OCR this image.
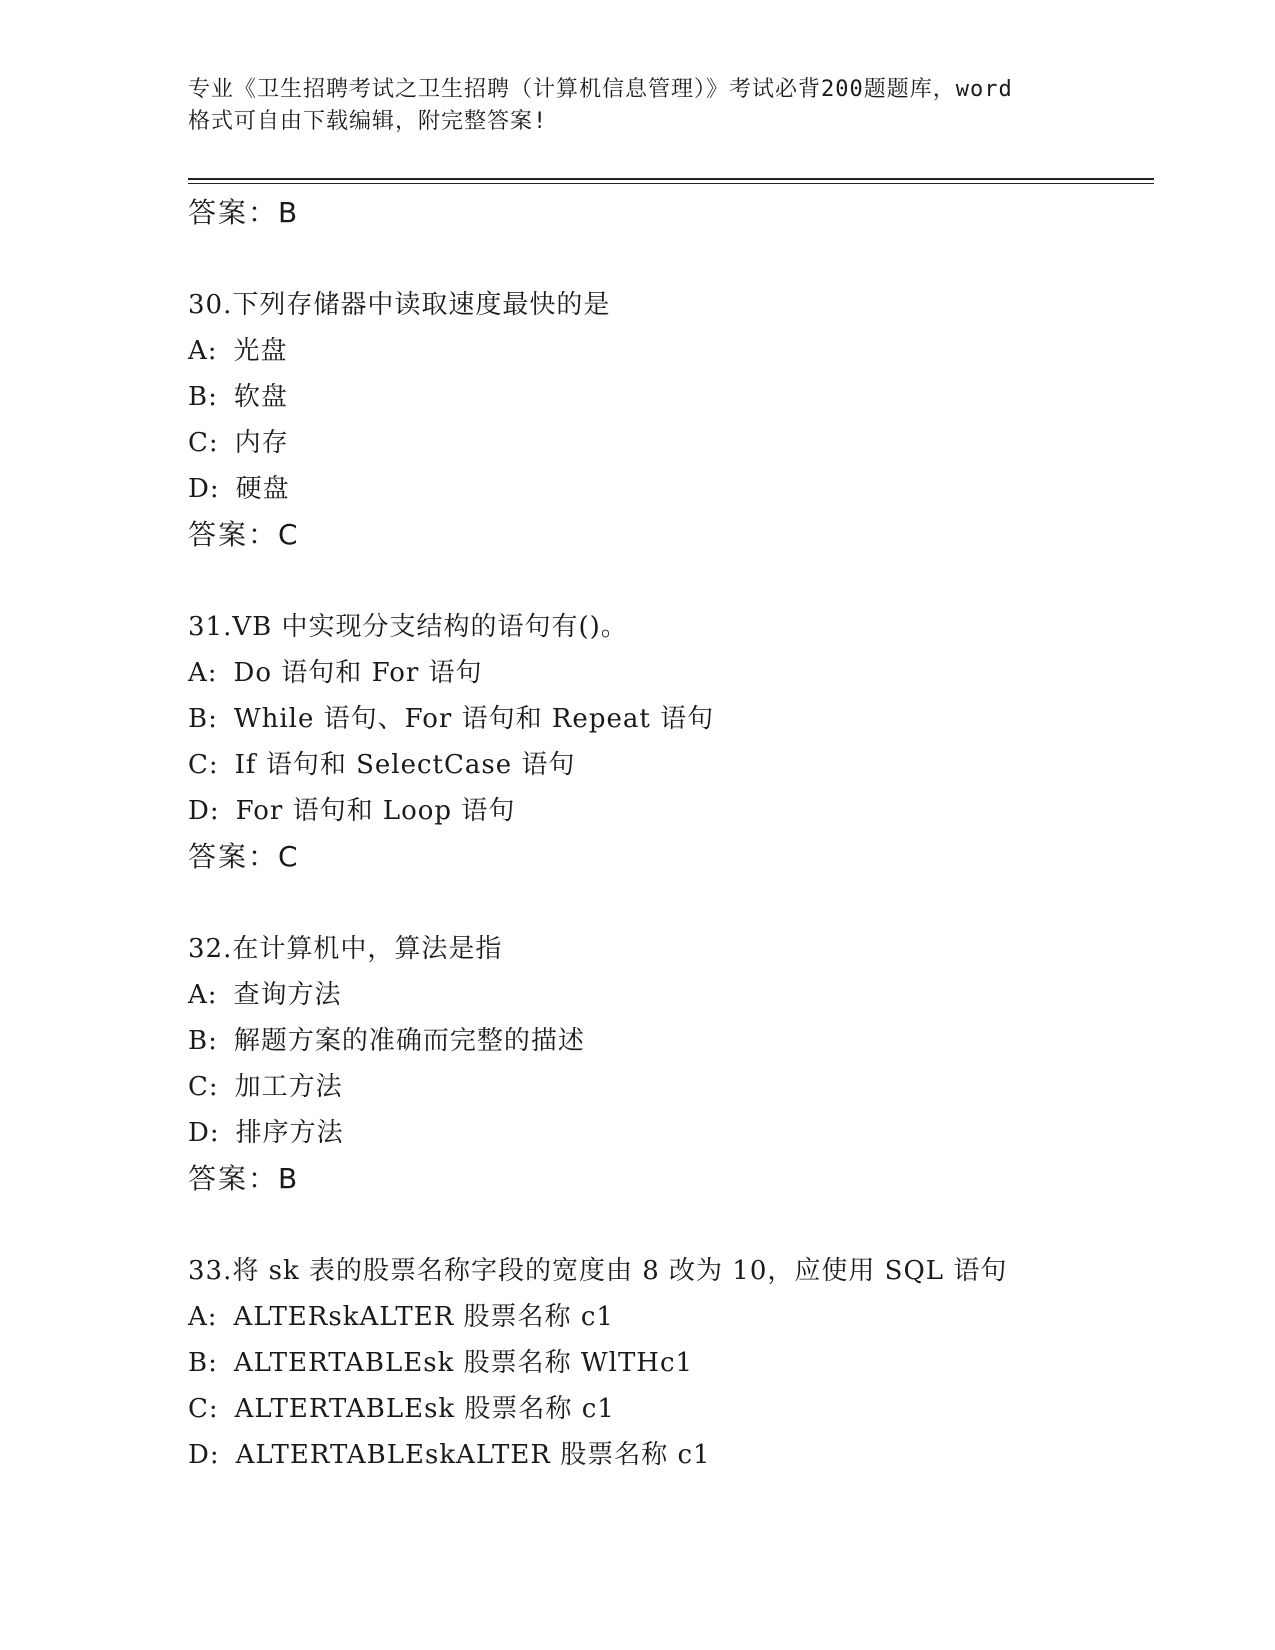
专业《卫生招聘考试之卫生招聘（计算机信息管理）》考试必背200题题库，word
格式可自由下载编辑，附完整答案!
答案：B
30.下列存储器中读取速度最快的是
A: 光盘
B: 软盘
C: 内存
D: 硬盘
答案：C
31.VB 中实现分支结构的语句有()。
A: Do 语句和 For 语句
B: While 语句、For 语句和 Repeat 语句
C: If 语句和 SelectCase 语句
D: For 语句和 Loop 语句
答案：C
32.在计算机中，算法是指
A: 查询方法
B: 解题方案的准确而完整的描述
C: 加工方法
D: 排序方法
答案：B
33.将 sk 表的股票名称字段的宽度由 8 改为 10，应使用 SQL 语句
A: ALTERskALTER 股票名称 c1
B: ALTERTABLEsk 股票名称 WlTHc1
C: ALTERTABLEsk 股票名称 c1
D: ALTERTABLEskALTER 股票名称 c1
